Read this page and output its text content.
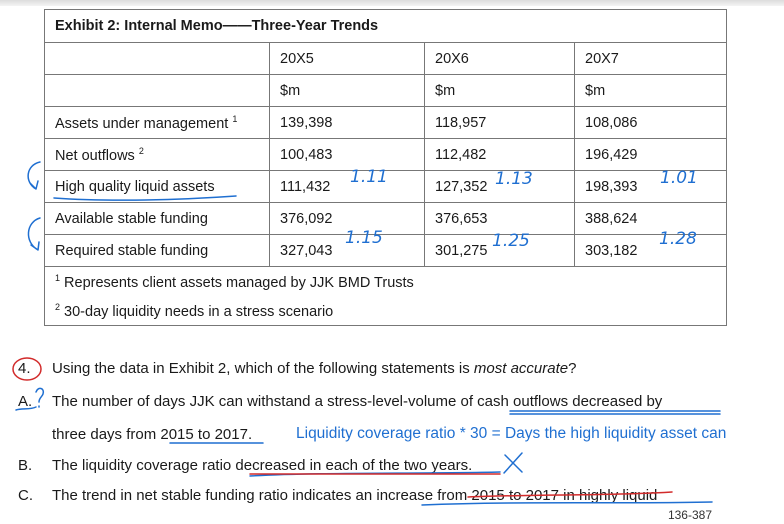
Exhibit 2: Internal Memo——Three-Year Trends			
	20X5	20X6	20X7
	$m	$m	$m
Assets under management $^1$	139,398	118,957	108,086
Net outflows $^2$	100,483	112,482	196,429
High quality liquid assets	111,432	127,352	198,393
Available stable funding	376,092	376,653	388,624
Required stable funding	327,043	301,275	303,182
$^1$ Represents client assets managed by JJK BMD Trusts			
$^2$ 30-day liquidity needs in a stress scenario			
4. Using the data in Exhibit 2, which of the following statements is most accurate?
A. The number of days JJK can withstand a stress-level-volume of cash outflows decreased by
three days from 2015 to 2017.	Liquidity coverage ratio * 30 = Days the high liquidity asset can
B. The liquidity coverage ratio decreased in each of the two years.
C. The trend in net stable funding ratio indicates an increase from 2015 to 2017 in highly liquid
136-387
1.11	1.13	1.01
1.15	1.25	1.28
